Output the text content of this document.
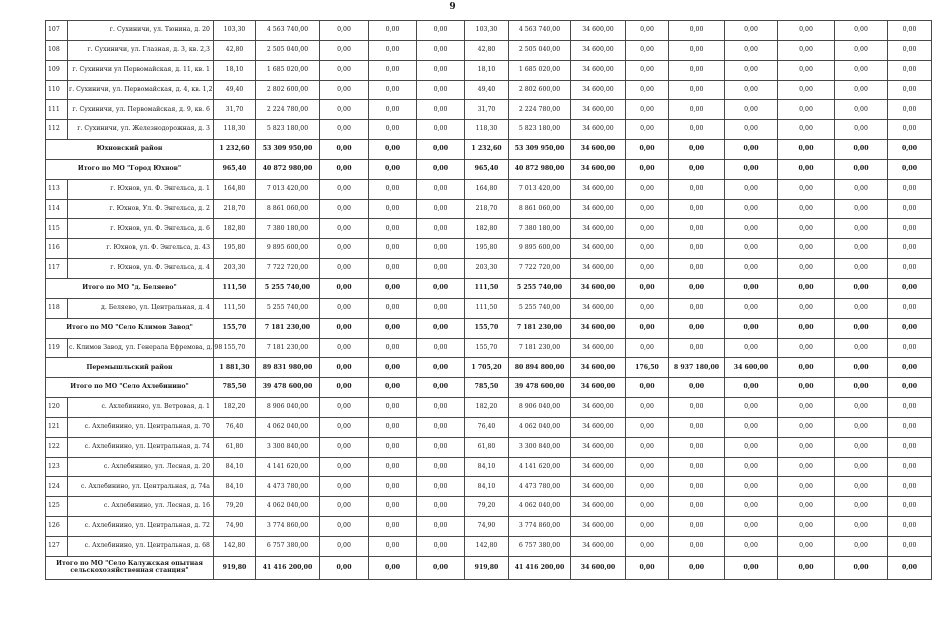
9
107	г. Сухиничи, ул. Тюнина, д. 20	103,30	4 563 740,00	0,00	0,00	0,00	103,30	4 563 740,00	34 600,00	0,00	0,00	0,00	0,00	0,00	0,00
108	г. Сухиничи, ул. Глазная, д. 3, кв. 2,3	42,80	2 505 040,00	0,00	0,00	0,00	42,80	2 505 040,00	34 600,00	0,00	0,00	0,00	0,00	0,00	0,00
109	г. Сухиничи ул Первомайская, д. 11, кв. 1	18,10	1 685 020,00	0,00	0,00	0,00	18,10	1 685 020,00	34 600,00	0,00	0,00	0,00	0,00	0,00	0,00
110	г. Сухиничи, ул. Первомайская, д. 4, кв. 1,2	49,40	2 802 600,00	0,00	0,00	0,00	49,40	2 802 600,00	34 600,00	0,00	0,00	0,00	0,00	0,00	0,00
111	г. Сухиничи, ул. Первомайская, д. 9, кв. 6	31,70	2 224 780,00	0,00	0,00	0,00	31,70	2 224 780,00	34 600,00	0,00	0,00	0,00	0,00	0,00	0,00
112	г. Сухиничи, ул. Железнодорожная, д. 3	118,30	5 823 180,00	0,00	0,00	0,00	118,30	5 823 180,00	34 600,00	0,00	0,00	0,00	0,00	0,00	0,00
Юхновский район		1 232,60	53 309 950,00	0,00	0,00	0,00	1 232,60	53 309 950,00	34 600,00	0,00	0,00	0,00	0,00	0,00	0,00
Итого по МО "Город Юхнов"		965,40	40 872 980,00	0,00	0,00	0,00	965,40	40 872 980,00	34 600,00	0,00	0,00	0,00	0,00	0,00	0,00
113	г. Юхнов, ул. Ф. Энгельса, д. 1	164,80	7 013 420,00	0,00	0,00	0,00	164,80	7 013 420,00	34 600,00	0,00	0,00	0,00	0,00	0,00	0,00
114	г. Юхнов, Ул. Ф. Энгельса, д. 2	218,70	8 861 060,00	0,00	0,00	0,00	218,70	8 861 060,00	34 600,00	0,00	0,00	0,00	0,00	0,00	0,00
115	г. Юхнов, ул. Ф. Энгельса, д. 6	182,80	7 380 180,00	0,00	0,00	0,00	182,80	7 380 180,00	34 600,00	0,00	0,00	0,00	0,00	0,00	0,00
116	г. Юхнов, ул. Ф. Энгельса, д. 43	195,80	9 895 600,00	0,00	0,00	0,00	195,80	9 895 600,00	34 600,00	0,00	0,00	0,00	0,00	0,00	0,00
117	г. Юхнов, ул. Ф. Энгельса, д. 4	203,30	7 722 720,00	0,00	0,00	0,00	203,30	7 722 720,00	34 600,00	0,00	0,00	0,00	0,00	0,00	0,00
Итого по МО "д. Беляево"		111,50	5 255 740,00	0,00	0,00	0,00	111,50	5 255 740,00	34 600,00	0,00	0,00	0,00	0,00	0,00	0,00
118	д. Беляево, ул. Центральная, д. 4	111,50	5 255 740,00	0,00	0,00	0,00	111,50	5 255 740,00	34 600,00	0,00	0,00	0,00	0,00	0,00	0,00
Итого по МО "Село Климов Завод"		155,70	7 181 230,00	0,00	0,00	0,00	155,70	7 181 230,00	34 600,00	0,00	0,00	0,00	0,00	0,00	0,00
119	с. Климов Завод, ул. Генерала Ефремова, д. 98	155,70	7 181 230,00	0,00	0,00	0,00	155,70	7 181 230,00	34 600,00	0,00	0,00	0,00	0,00	0,00	0,00
Перемышльский район		1 881,30	89 831 980,00	0,00	0,00	0,00	1 705,20	80 894 800,00	34 600,00	176,50	8 937 180,00	34 600,00	0,00	0,00	0,00
Итого по МО "Село Ахлебинино"		785,50	39 478 600,00	0,00	0,00	0,00	785,50	39 478 600,00	34 600,00	0,00	0,00	0,00	0,00	0,00	0,00
120	с. Ахлебинино, ул. Ветровая, д. 1	182,20	8 906 040,00	0,00	0,00	0,00	182,20	8 906 040,00	34 600,00	0,00	0,00	0,00	0,00	0,00	0,00
121	с. Ахлебинино, ул. Центральная, д. 70	76,40	4 062 040,00	0,00	0,00	0,00	76,40	4 062 040,00	34 600,00	0,00	0,00	0,00	0,00	0,00	0,00
122	с. Ахлебинино, ул. Центральная, д. 74	61,80	3 300 840,00	0,00	0,00	0,00	61,80	3 300 840,00	34 600,00	0,00	0,00	0,00	0,00	0,00	0,00
123	с. Ахлебинино, ул. Лесная, д. 20	84,10	4 141 620,00	0,00	0,00	0,00	84,10	4 141 620,00	34 600,00	0,00	0,00	0,00	0,00	0,00	0,00
124	с. Ахлебинино, ул. Центральная, д. 74а	84,10	4 473 780,00	0,00	0,00	0,00	84,10	4 473 780,00	34 600,00	0,00	0,00	0,00	0,00	0,00	0,00
125	с. Ахлебинино, ул. Лесная, д. 16	79,20	4 062 040,00	0,00	0,00	0,00	79,20	4 062 040,00	34 600,00	0,00	0,00	0,00	0,00	0,00	0,00
126	с. Ахлебинино, ул. Центральная, д. 72	74,90	3 774 860,00	0,00	0,00	0,00	74,90	3 774 860,00	34 600,00	0,00	0,00	0,00	0,00	0,00	0,00
127	с. Ахлебинино, ул. Центральная, д. 68	142,80	6 757 380,00	0,00	0,00	0,00	142,80	6 757 380,00	34 600,00	0,00	0,00	0,00	0,00	0,00	0,00
Итого по МО "Село Калужская опытная сельскохозяйственная станция"		919,80	41 416 200,00	0,00	0,00	0,00	919,80	41 416 200,00	34 600,00	0,00	0,00	0,00	0,00	0,00	0,00
